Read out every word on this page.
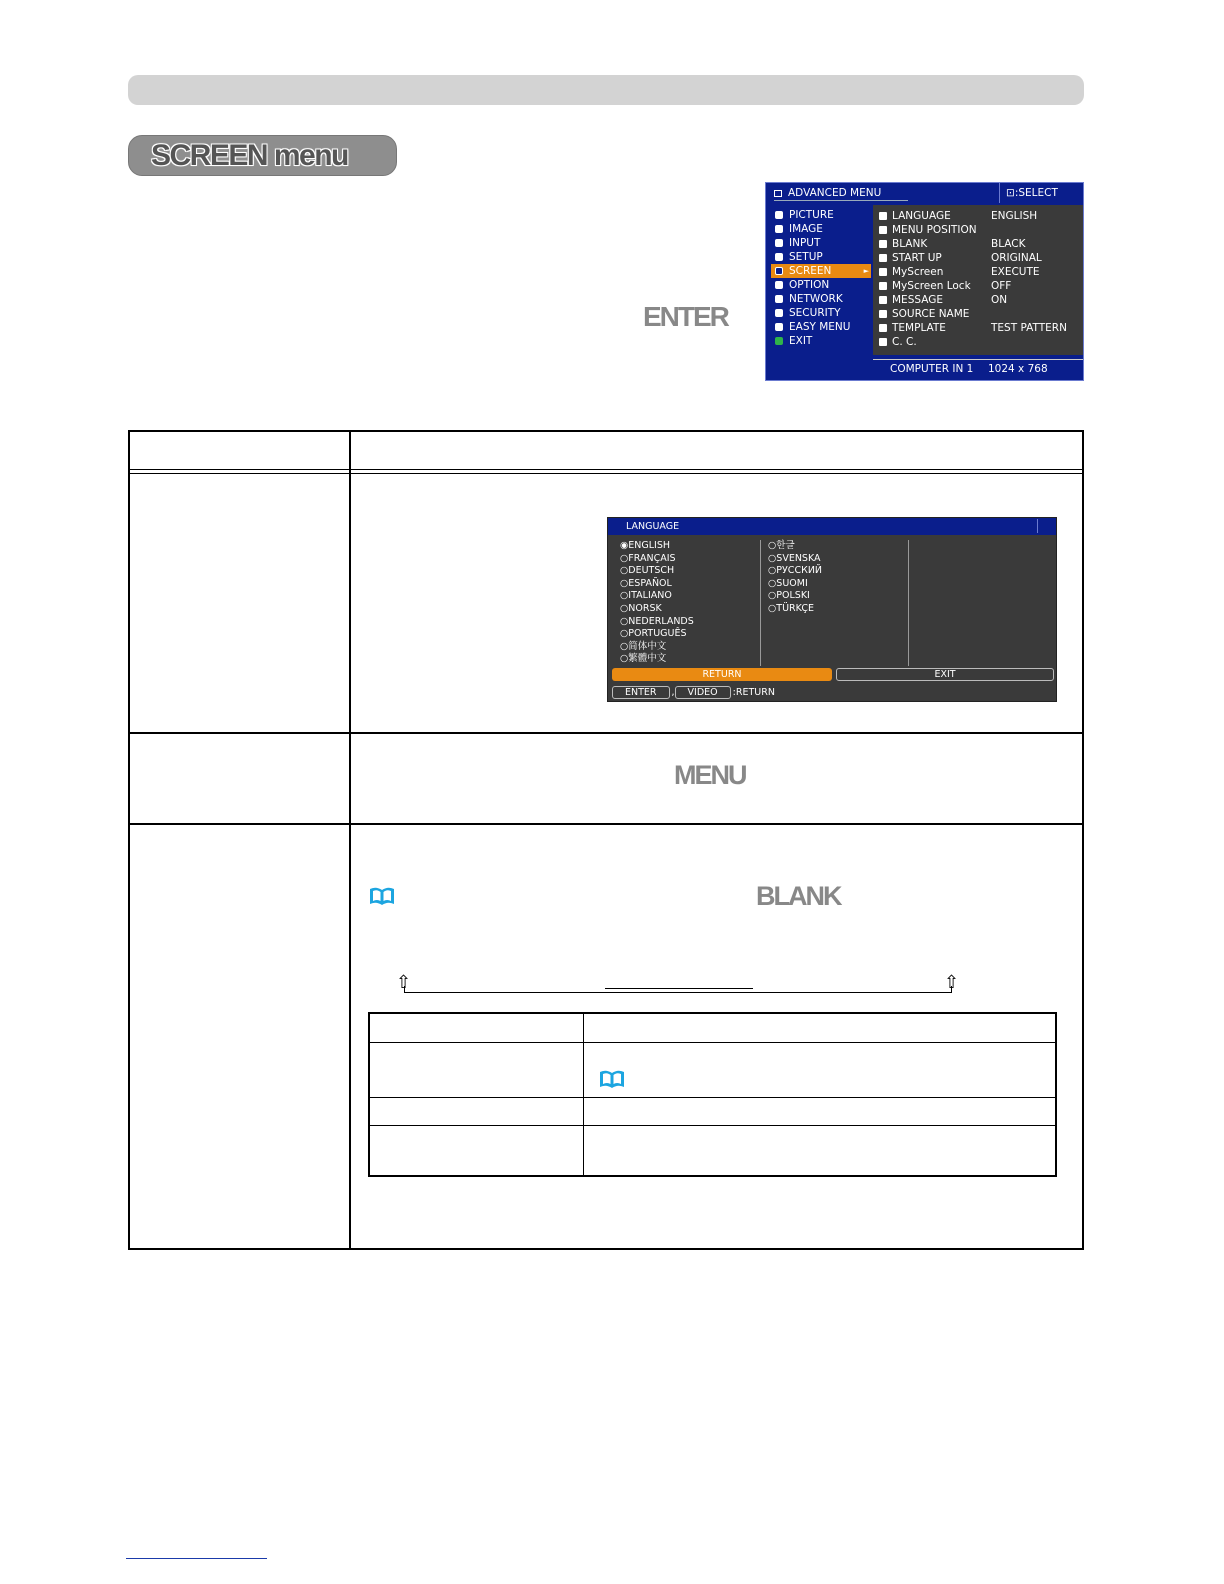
SCREEN menu
ENTER
ADVANCED MENU	⊡:SELECT
PICTURE
IMAGE
INPUT
SETUP
SCREEN ►
OPTION
NETWORK
SECURITY
EASY MENU
EXIT
LANGUAGE	ENGLISH
MENU POSITION
BLANK	BLACK
START UP	ORIGINAL
MyScreen	EXECUTE
MyScreen Lock OFF
MESSAGE	ON
SOURCE NAME
TEMPLATE	TEST PATTERN
C. C.
COMPUTER IN 1 1024 x 768 @60Hz
LANGUAGE
◉ENGLISH
○FRANÇAIS
○DEUTSCH
○ESPAÑOL
○ITALIANO
○NORSK
○NEDERLANDS
○PORTUGUÊS
○简体中文
○繁體中文
○한글
○SVENSKA
○РУССКИЙ
○SUOMI
○POLSKI
○TÜRKÇE
RETURN	EXIT
ENTER , VIDEO :RETURN
MENU
BLANK
⇧	⇧
